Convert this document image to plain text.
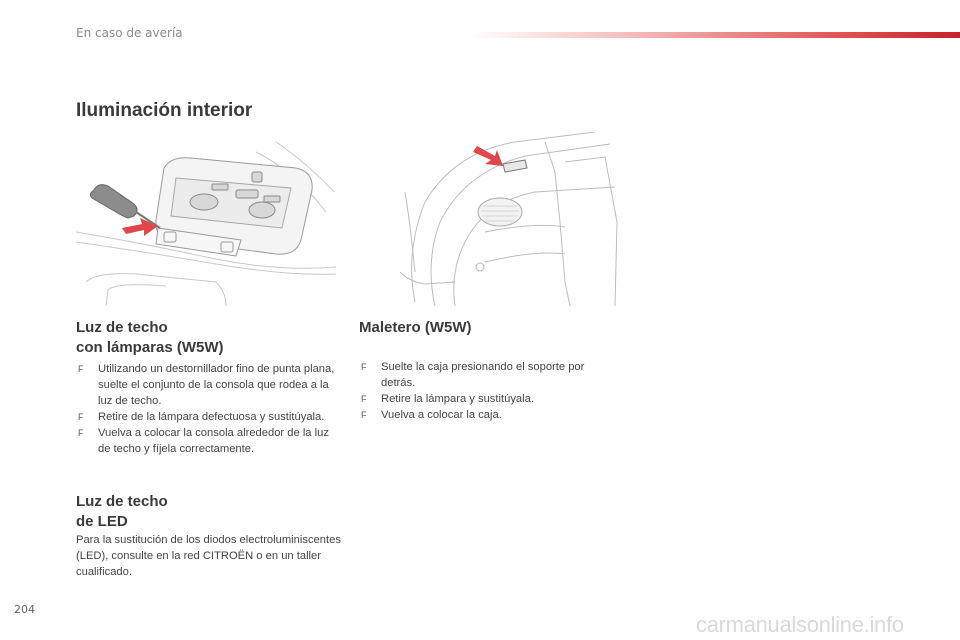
En caso de avería
Iluminación interior
Luz de techo
con lámparas (W5W)
F Utilizando un destornillador fino de punta plana, suelte el conjunto de la consola que rodea a la luz de techo.
F Retire de la lámpara defectuosa y sustitúyala.
F Vuelva a colocar la consola alrededor de la luz de techo y fíjela correctamente.
Luz de techo
de LED

Para la sustitución de los diodos electroluminiscentes (LED), consulte en la red CITROËN o en un taller cualificado.

Maletero (W5W)
F Suelte la caja presionando el soporte por detrás.
F Retire la lámpara y sustitúyala.
F Vuelva a colocar la caja.
204
carmanualsonline.info
